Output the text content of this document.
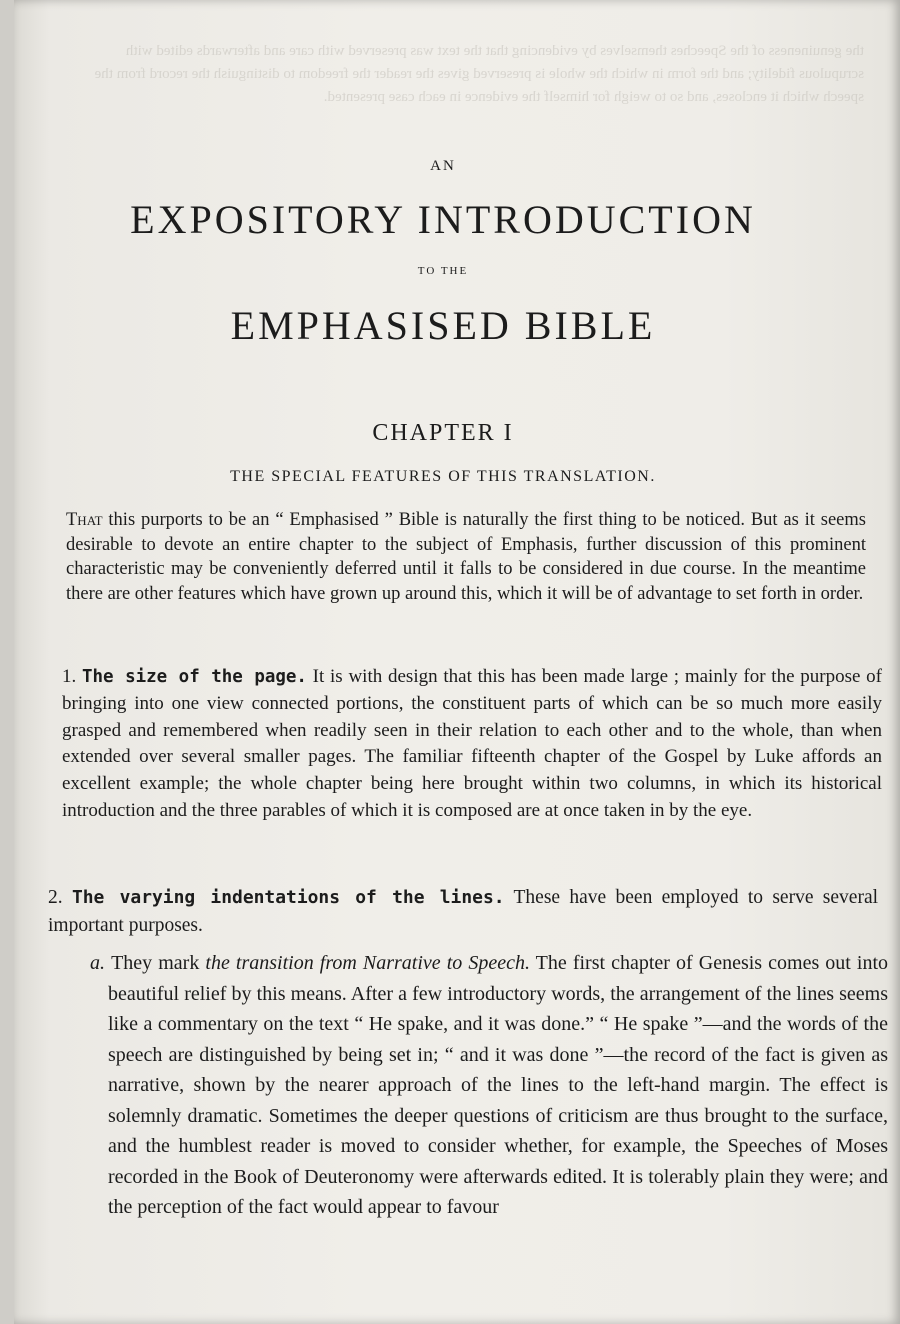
the genuineness of the Speeches themselves by evidencing that the text was preserved with care and afterwards edited with scrupulous fidelity; and the form in which the whole is preserved gives the reader the freedom to distinguish the record from the speech which it encloses, and so to weigh for himself the evidence in each case presented.
AN
EXPOSITORY INTRODUCTION
TO THE
EMPHASISED BIBLE
CHAPTER I
THE SPECIAL FEATURES OF THIS TRANSLATION.

That this purports to be an “ Emphasised ” Bible is naturally the first thing to be noticed. But as it seems desirable to devote an entire chapter to the subject of Emphasis, further discussion of this prominent characteristic may be conveniently deferred until it falls to be considered in due course. In the meantime there are other features which have grown up around this, which it will be of advantage to set forth in order.

1. The size of the page. It is with design that this has been made large ; mainly for the purpose of bringing into one view connected portions, the constituent parts of which can be so much more easily grasped and remembered when readily seen in their relation to each other and to the whole, than when extended over several smaller pages. The familiar fifteenth chapter of the Gospel by Luke affords an excellent example; the whole chapter being here brought within two columns, in which its historical introduction and the three parables of which it is composed are at once taken in by the eye.

2. The varying indentations of the lines. These have been employed to serve several important purposes.

a. They mark the transition from Narrative to Speech. The first chapter of Genesis comes out into beautiful relief by this means. After a few introductory words, the arrangement of the lines seems like a commentary on the text “ He spake, and it was done.” “ He spake ”—and the words of the speech are distinguished by being set in; “ and it was done ”—the record of the fact is given as narrative, shown by the nearer approach of the lines to the left-hand margin. The effect is solemnly dramatic. Sometimes the deeper questions of criticism are thus brought to the surface, and the humblest reader is moved to consider whether, for example, the Speeches of Moses recorded in the Book of Deuteronomy were afterwards edited. It is tolerably plain they were; and the perception of the fact would appear to favour
